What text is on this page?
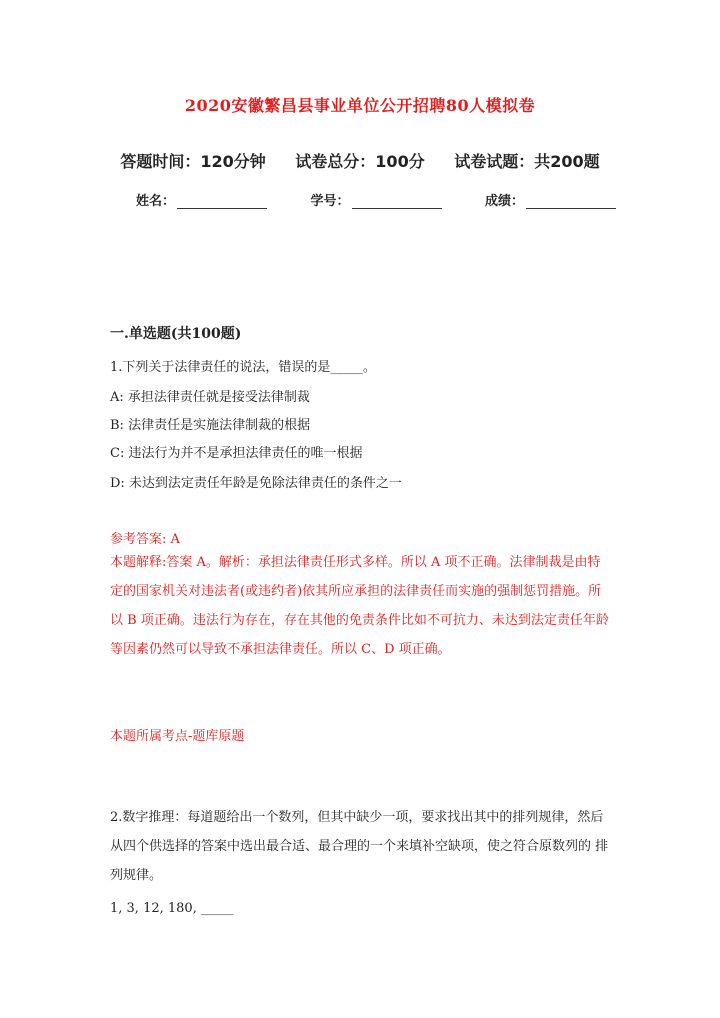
2020安徽繁昌县事业单位公开招聘80人模拟卷
答题时间：120分钟 试卷总分：100分 试卷试题：共200题
姓名：	学号：	成绩：
一.单选题(共100题)
1.下列关于法律责任的说法，错误的是_____。
A: 承担法律责任就是接受法律制裁
B: 法律责任是实施法律制裁的根据
C: 违法行为并不是承担法律责任的唯一根据
D: 未达到法定责任年龄是免除法律责任的条件之一
参考答案: A
本题解释:答案 A。解析：承担法律责任形式多样。所以 A 项不正确。法律制裁是由特定的国家机关对违法者(或违约者)依其所应承担的法律责任而实施的强制惩罚措施。所以 B 项正确。违法行为存在，存在其他的免责条件比如不可抗力、未达到法定责任年龄等因素仍然可以导致不承担法律责任。所以 C、D 项正确。
本题所属考点-题库原题
2.数字推理：每道题给出一个数列，但其中缺少一项，要求找出其中的排列规律，然后从四个供选择的答案中选出最合适、最合理的一个来填补空缺项，使之符合原数列的 排列规律。
1, 3, 12, 180, _____
